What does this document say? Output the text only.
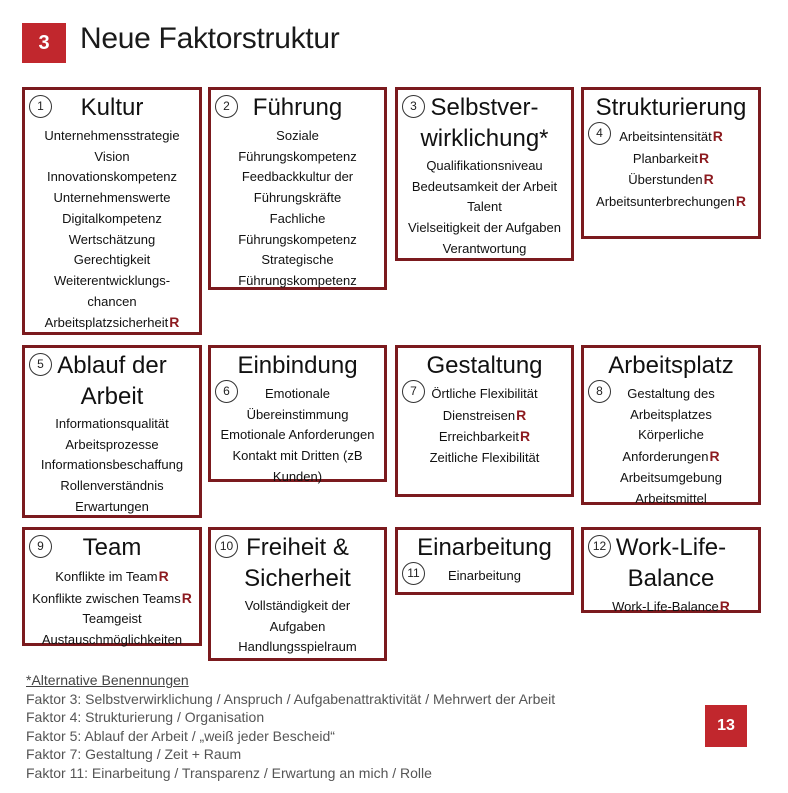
3	Neue Faktorstruktur
1	Kultur
Unternehmensstrategie
Vision
Innovationskompetenz
Unternehmenswerte
Digitalkompetenz
Wertschätzung
Gerechtigkeit
Weiterentwicklungs-
chancen
ArbeitsplatzsicherheitR
2 Führung
Soziale
Führungskompetenz
Feedbackkultur der
Führungskräfte
Fachliche
Führungskompetenz
Strategische
Führungskompetenz
3 Selbstver-
wirklichung*
Qualifikationsniveau
Bedeutsamkeit der Arbeit
Talent
Vielseitigkeit der Aufgaben
Verantwortung
4
Strukturierung
ArbeitsintensitätR
PlanbarkeitR
ÜberstundenR
ArbeitsunterbrechungenR
5 Ablauf der
Arbeit
Informationsqualität
Arbeitsprozesse
Informationsbeschaffung
Rollenverständnis
Erwartungen
6
Einbindung
Emotionale
Übereinstimmung
Emotionale Anforderungen
Kontakt mit Dritten (zB
Kunden)
7
Gestaltung
Örtliche Flexibilität
DienstreisenR
ErreichbarkeitR
Zeitliche Flexibilität
8
Arbeitsplatz
Gestaltung des
Arbeitsplatzes
Körperliche
AnforderungenR
Arbeitsumgebung
Arbeitsmittel
9	Team
Konflikte im TeamR
Konflikte zwischen TeamsR
Teamgeist
Austauschmöglichkeiten
10 Freiheit &
Sicherheit
Vollständigkeit der
Aufgaben
Handlungsspielraum
11
Einarbeitung
Einarbeitung
12 Work-Life-
Balance
Work-Life-BalanceR
*Alternative Benennungen
Faktor 3: Selbstverwirklichung / Anspruch / Aufgabenattraktivität / Mehrwert der Arbeit
Faktor 4: Strukturierung / Organisation
Faktor 5: Ablauf der Arbeit / „weiß jeder Bescheid“
Faktor 7: Gestaltung / Zeit + Raum
Faktor 11: Einarbeitung / Transparenz / Erwartung an mich / Rolle
13
